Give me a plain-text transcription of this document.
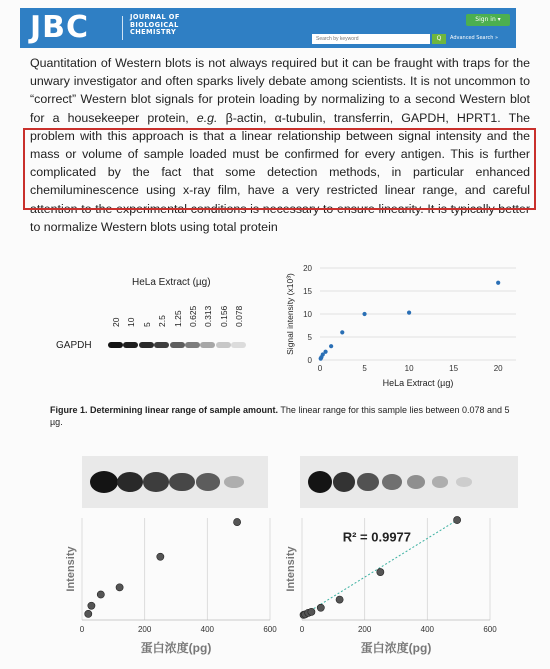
JBC	JOURNAL OF
BIOLOGICAL
CHEMISTRY
Sign in ▾
Search by keyword
Q	Advanced Search »

Quantitation of Western blots is not always required but it can be fraught with traps for the unwary investigator and often sparks lively debate among scientists. It is not uncommon to “correct” Western blot signals for protein loading by normalizing to a second Western blot for a housekeeper protein, e.g. β-actin, α-tubulin, transferrin, GAPDH, HPRT1. The problem with this approach is that a linear relationship between signal intensity and the mass or volume of sample loaded must be confirmed for every antigen. This is further complicated by the fact that some detection methods, in particular enhanced chemiluminescence using x-ray film, have a very restricted linear range, and careful attention to the experimental conditions is necessary to ensure linearity. It is typically better to normalize Western blots using total protein

HeLa Extract (µg)
20 10 5 2.5 1.25 0.625 0.313 0.156 0.078
GAPDH
0
5
10
15
20
0	5	10	15	20
HeLa Extract (µg)
Signal intensity (x10³)
Figure 1. Determining linear range of sample amount. The linear range for this sample lies between 0.078 and 5 µg.
0	200	400	600
蛋白浓度(pg)
Intensity
0	200	400	600
蛋白浓度(pg)
Intensity
R² = 0.9977
